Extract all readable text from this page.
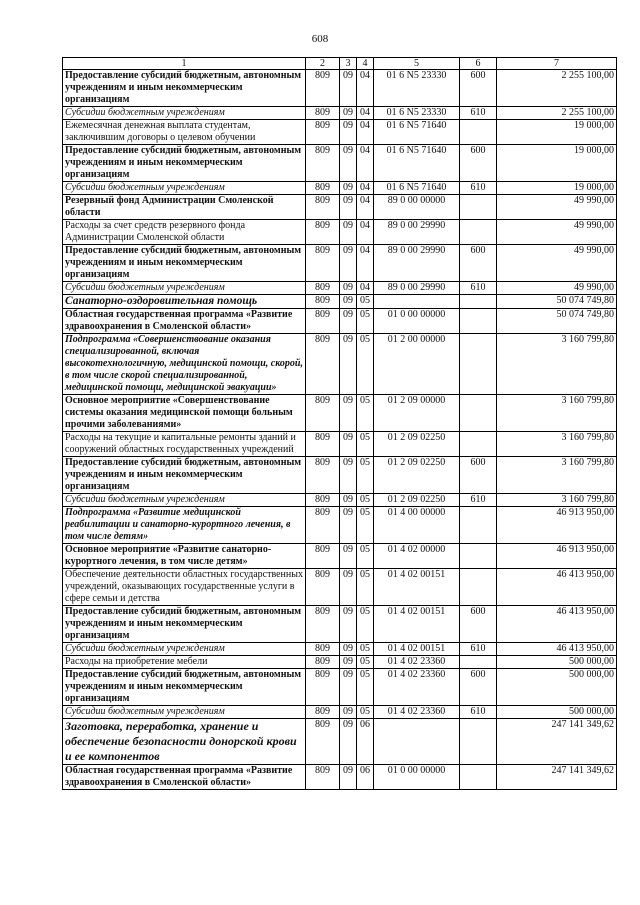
608
1	2	3	4	5	6	7
Предоставление субсидий бюджетным, автономным учреждениям и иным некоммерческим организациям	809	09	04	01 6 N5 23330	600	2 255 100,00
Субсидии бюджетным учреждениям	809	09	04	01 6 N5 23330	610	2 255 100,00
Ежемесячная денежная выплата студентам, заключившим договоры о целевом обучении	809	09	04	01 6 N5 71640		19 000,00
Предоставление субсидий бюджетным, автономным учреждениям и иным некоммерческим организациям	809	09	04	01 6 N5 71640	600	19 000,00
Субсидии бюджетным учреждениям	809	09	04	01 6 N5 71640	610	19 000,00
Резервный фонд Администрации Смоленской области	809	09	04	89 0 00 00000		49 990,00
Расходы за счет средств резервного фонда Администрации Смоленской области	809	09	04	89 0 00 29990		49 990,00
Предоставление субсидий бюджетным, автономным учреждениям и иным некоммерческим организациям	809	09	04	89 0 00 29990	600	49 990,00
Субсидии бюджетным учреждениям	809	09	04	89 0 00 29990	610	49 990,00
Санаторно-оздоровительная помощь	809	09	05			50 074 749,80
Областная государственная программа «Развитие здравоохранения в Смоленской области»	809	09	05	01 0 00 00000		50 074 749,80
Подпрограмма «Совершенствование оказания специализированной, включая высокотехнологичную, медицинской помощи, скорой, в том числе скорой специализированной, медицинской помощи, медицинской эвакуации»	809	09	05	01 2 00 00000		3 160 799,80
Основное мероприятие «Совершенствование системы оказания медицинской помощи больным прочими заболеваниями»	809	09	05	01 2 09 00000		3 160 799,80
Расходы на текущие и капитальные ремонты зданий и сооружений областных государственных учреждений	809	09	05	01 2 09 02250		3 160 799,80
Предоставление субсидий бюджетным, автономным учреждениям и иным некоммерческим организациям	809	09	05	01 2 09 02250	600	3 160 799,80
Субсидии бюджетным учреждениям	809	09	05	01 2 09 02250	610	3 160 799,80
Подпрограмма «Развитие медицинской реабилитации и санаторно-курортного лечения, в том числе детям»	809	09	05	01 4 00 00000		46 913 950,00
Основное мероприятие «Развитие санаторно-курортного лечения, в том числе детям»	809	09	05	01 4 02 00000		46 913 950,00
Обеспечение деятельности областных государственных учреждений, оказывающих государственные услуги в сфере семьи и детства	809	09	05	01 4 02 00151		46 413 950,00
Предоставление субсидий бюджетным, автономным учреждениям и иным некоммерческим организациям	809	09	05	01 4 02 00151	600	46 413 950,00
Субсидии бюджетным учреждениям	809	09	05	01 4 02 00151	610	46 413 950,00
Расходы на приобретение мебели	809	09	05	01 4 02 23360		500 000,00
Предоставление субсидий бюджетным, автономным учреждениям и иным некоммерческим организациям	809	09	05	01 4 02 23360	600	500 000,00
Субсидии бюджетным учреждениям	809	09	05	01 4 02 23360	610	500 000,00
Заготовка, переработка, хранение и обеспечение безопасности донорской крови и ее компонентов	809	09	06			247 141 349,62
Областная государственная программа «Развитие здравоохранения в Смоленской области»	809	09	06	01 0 00 00000		247 141 349,62
